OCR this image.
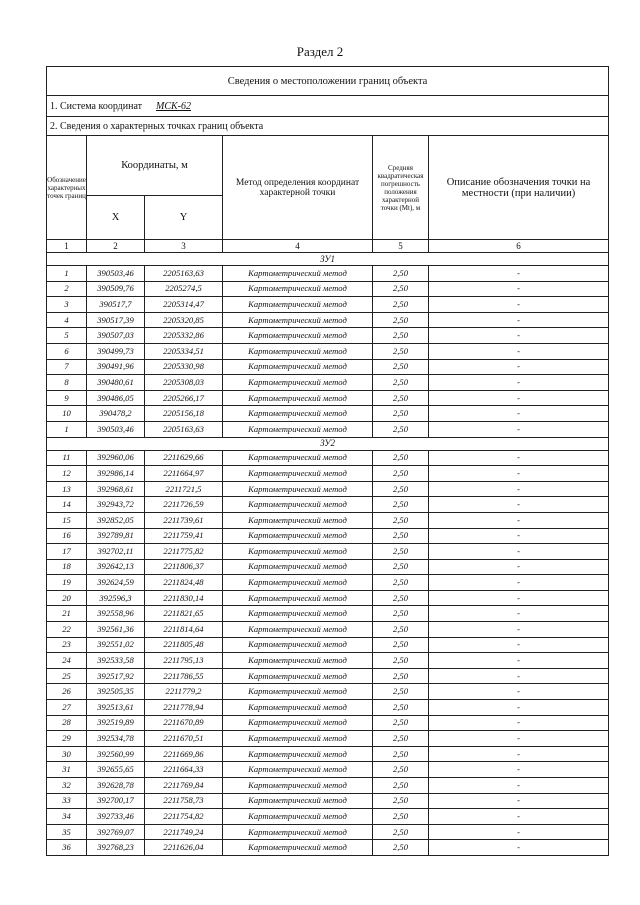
Раздел 2
Сведения о местоположении границ объекта					
1. Система координат МСК-62					
2. Сведения о характерных точках границ объекта					
Обозначение характерных точек границ	Координаты, м		Метод определения координат характерной точки	Средняя квадратическая погрешность положения характерной точки (Mt), м	Описание обозначения точки на местности (при наличии)
	X	Y			
1	2	3	4	5	6
ЗУ1					
1	390503,46	2205163,63	Картометрический метод	2,50	-
2	390509,76	2205274,5	Картометрический метод	2,50	-
3	390517,7	2205314,47	Картометрический метод	2,50	-
4	390517,39	2205320,85	Картометрический метод	2,50	-
5	390507,03	2205332,86	Картометрический метод	2,50	-
6	390499,73	2205334,51	Картометрический метод	2,50	-
7	390491,96	2205330,98	Картометрический метод	2,50	-
8	390480,61	2205308,03	Картометрический метод	2,50	-
9	390486,05	2205266,17	Картометрический метод	2,50	-
10	390478,2	2205156,18	Картометрический метод	2,50	-
1	390503,46	2205163,63	Картометрический метод	2,50	-
ЗУ2					
11	392960,06	2211629,66	Картометрический метод	2,50	-
12	392986,14	2211664,97	Картометрический метод	2,50	-
13	392968,61	2211721,5	Картометрический метод	2,50	-
14	392943,72	2211726,59	Картометрический метод	2,50	-
15	392852,05	2211739,61	Картометрический метод	2,50	-
16	392789,81	2211759,41	Картометрический метод	2,50	-
17	392702,11	2211775,82	Картометрический метод	2,50	-
18	392642,13	2211806,37	Картометрический метод	2,50	-
19	392624,59	2211824,48	Картометрический метод	2,50	-
20	392596,3	2211830,14	Картометрический метод	2,50	-
21	392558,96	2211821,65	Картометрический метод	2,50	-
22	392561,36	2211814,64	Картометрический метод	2,50	-
23	392551,02	2211805,48	Картометрический метод	2,50	-
24	392533,58	2211795,13	Картометрический метод	2,50	-
25	392517,92	2211786,55	Картометрический метод	2,50	-
26	392505,35	2211779,2	Картометрический метод	2,50	-
27	392513,61	2211778,94	Картометрический метод	2,50	-
28	392519,89	2211670,89	Картометрический метод	2,50	-
29	392534,78	2211670,51	Картометрический метод	2,50	-
30	392560,99	2211669,86	Картометрический метод	2,50	-
31	392655,65	2211664,33	Картометрический метод	2,50	-
32	392628,78	2211769,84	Картометрический метод	2,50	-
33	392700,17	2211758,73	Картометрический метод	2,50	-
34	392733,46	2211754,82	Картометрический метод	2,50	-
35	392769,07	2211749,24	Картометрический метод	2,50	-
36	392768,23	2211626,04	Картометрический метод	2,50	-
